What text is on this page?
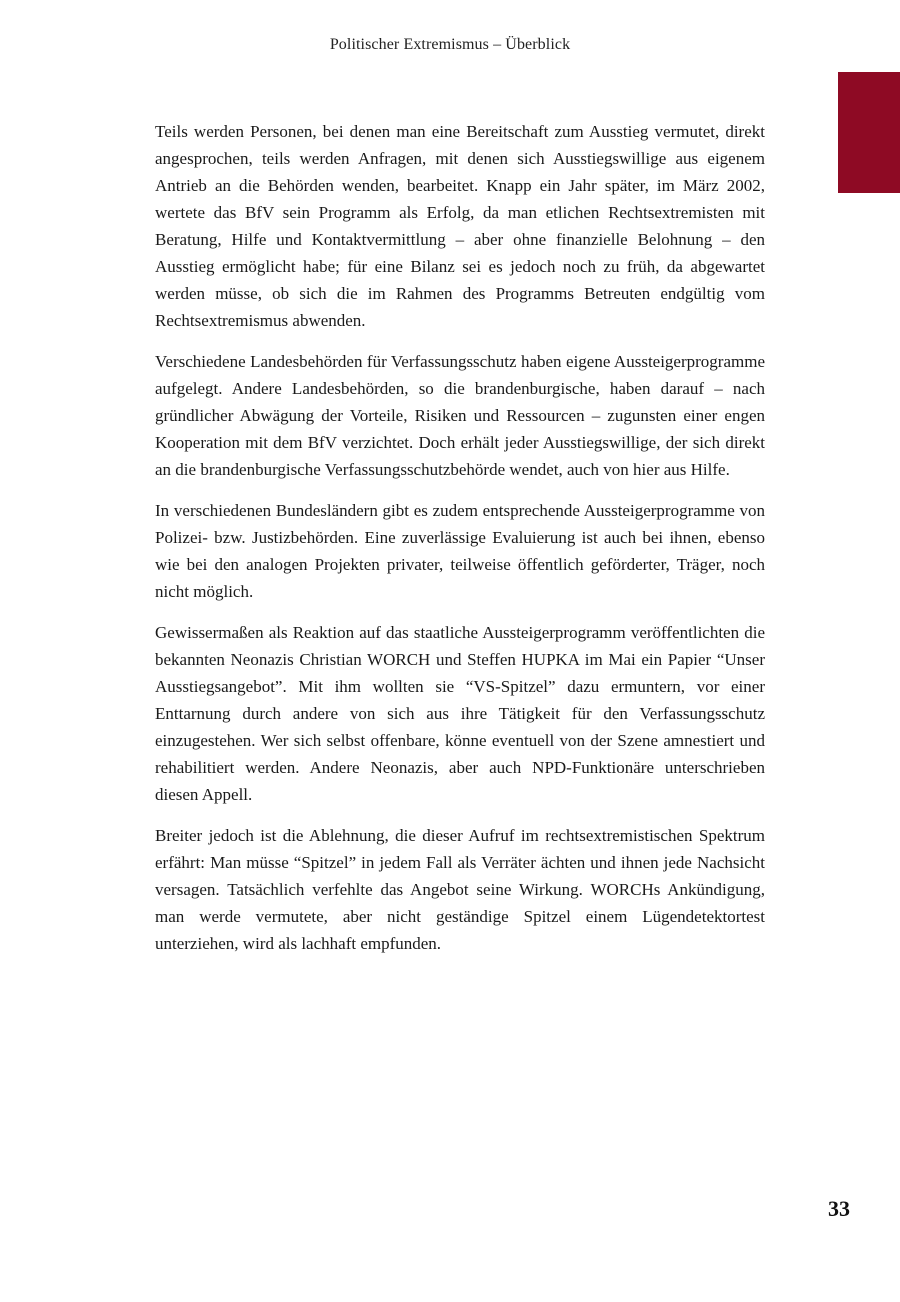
Politischer Extremismus – Überblick

Teils werden Personen, bei denen man eine Bereitschaft zum Ausstieg vermutet, direkt angesprochen, teils werden Anfragen, mit denen sich Ausstiegswillige aus eigenem Antrieb an die Behörden wenden, bearbeitet. Knapp ein Jahr später, im März 2002, wertete das BfV sein Programm als Erfolg, da man etlichen Rechtsextremisten mit Beratung, Hilfe und Kontaktvermittlung – aber ohne finanzielle Belohnung – den Ausstieg ermöglicht habe; für eine Bilanz sei es jedoch noch zu früh, da abgewartet werden müsse, ob sich die im Rahmen des Programms Betreuten endgültig vom Rechtsextremismus abwenden.

Verschiedene Landesbehörden für Verfassungsschutz haben eigene Aussteigerprogramme aufgelegt. Andere Landesbehörden, so die brandenburgische, haben darauf – nach gründlicher Abwägung der Vorteile, Risiken und Ressourcen – zugunsten einer engen Kooperation mit dem BfV verzichtet. Doch erhält jeder Ausstiegswillige, der sich direkt an die brandenburgische Verfassungsschutzbehörde wendet, auch von hier aus Hilfe.

In verschiedenen Bundesländern gibt es zudem entsprechende Aussteigerprogramme von Polizei- bzw. Justizbehörden. Eine zuverlässige Evaluierung ist auch bei ihnen, ebenso wie bei den analogen Projekten privater, teilweise öffentlich geförderter, Träger, noch nicht möglich.

Gewissermaßen als Reaktion auf das staatliche Aussteigerprogramm veröffentlichten die bekannten Neonazis Christian WORCH und Steffen HUPKA im Mai ein Papier “Unser Ausstiegsangebot”. Mit ihm wollten sie “VS-Spitzel” dazu ermuntern, vor einer Enttarnung durch andere von sich aus ihre Tätigkeit für den Verfassungsschutz einzugestehen. Wer sich selbst offenbare, könne eventuell von der Szene amnestiert und rehabilitiert werden. Andere Neonazis, aber auch NPD-Funktionäre unterschrieben diesen Appell.

Breiter jedoch ist die Ablehnung, die dieser Aufruf im rechtsextremistischen Spektrum erfährt: Man müsse “Spitzel” in jedem Fall als Verräter ächten und ihnen jede Nachsicht versagen. Tatsächlich verfehlte das Angebot seine Wirkung. WORCHs Ankündigung, man werde vermutete, aber nicht geständige Spitzel einem Lügendetektortest unterziehen, wird als lachhaft empfunden.

33
